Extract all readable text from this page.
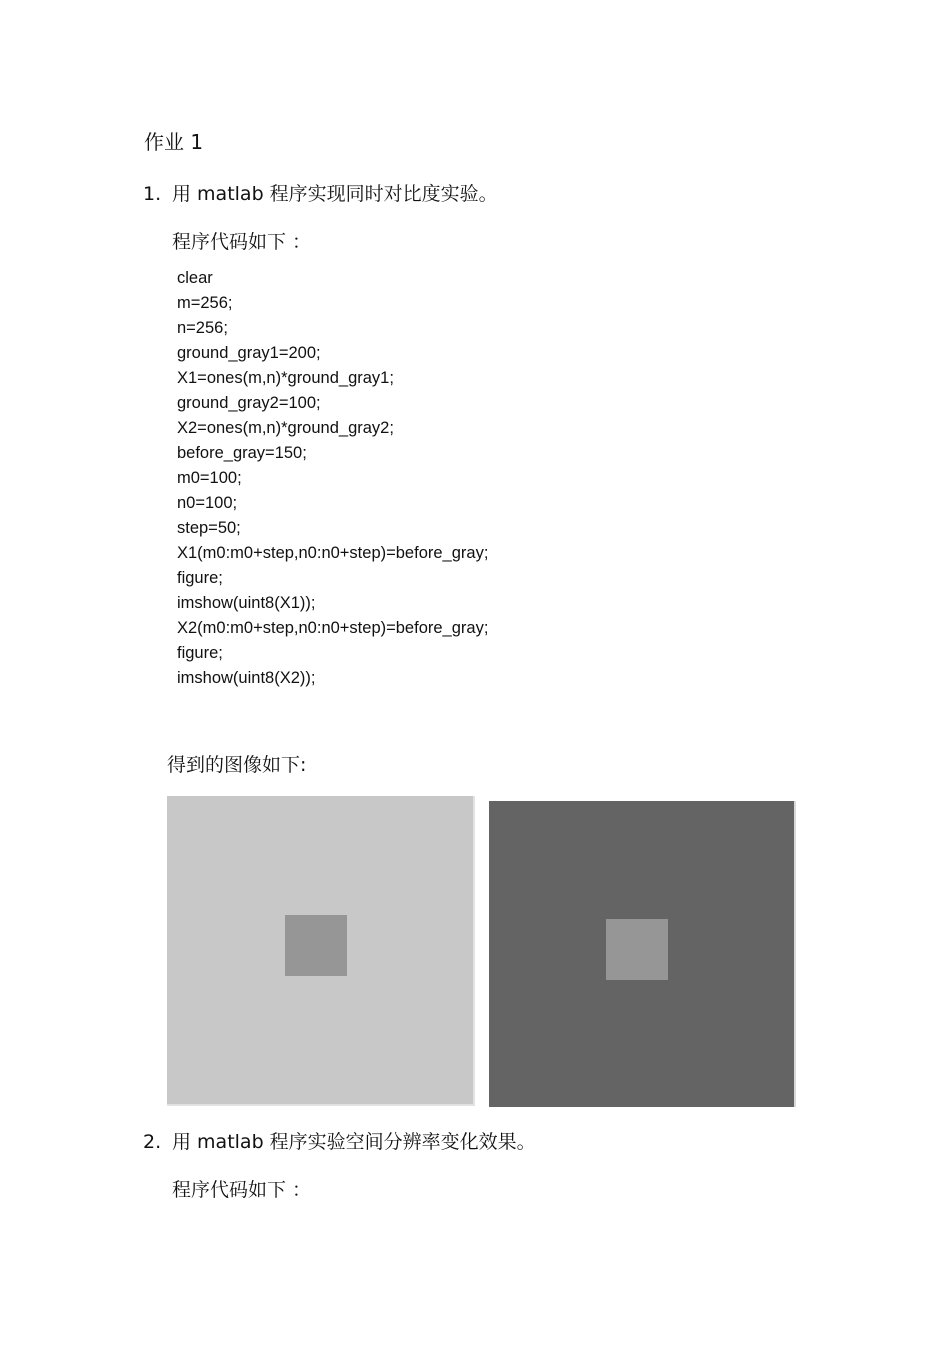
作业 1
1. 用 matlab 程序实现同时对比度实验。
程序代码如下 ：
clear
m=256;
n=256;
ground_gray1=200;
X1=ones(m,n)*ground_gray1;
ground_gray2=100;
X2=ones(m,n)*ground_gray2;
before_gray=150;
m0=100;
n0=100;
step=50;
X1(m0:m0+step,n0:n0+step)=before_gray;
figure;
imshow(uint8(X1));
X2(m0:m0+step,n0:n0+step)=before_gray;
figure;
imshow(uint8(X2));
得到的图像如下:
2. 用 matlab 程序实验空间分辨率变化效果。
程序代码如下 ：
